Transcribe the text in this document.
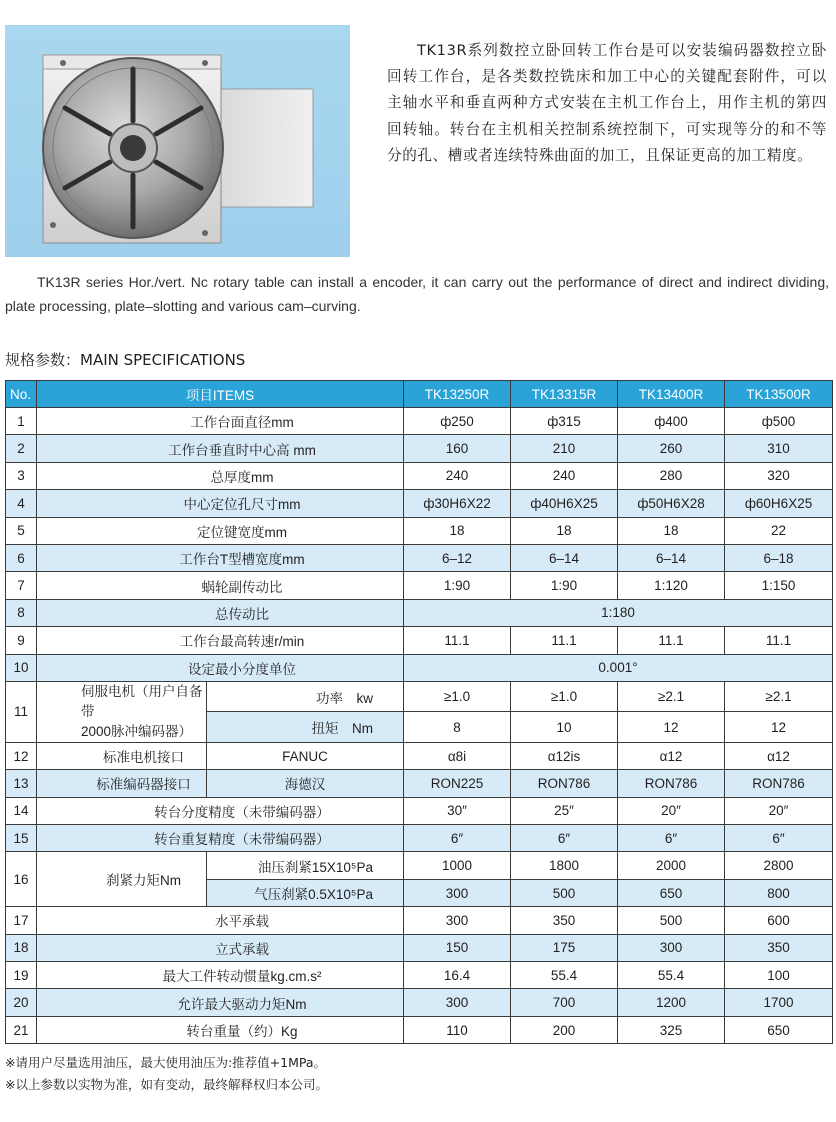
TK13R系列数控立卧回转工作台是可以安装编码器数控立卧回转工作台，是各类数控铣床和加工中心的关键配套附件，可以主轴水平和垂直两种方式安装在主机工作台上，用作主机的第四回转轴。转台在主机相关控制系统控制下，可实现等分的和不等分的孔、槽或者连续特殊曲面的加工，且保证更高的加工精度。
TK13R series Hor./vert. Nc rotary table can install a encoder, it can carry out the performance of direct and indirect dividing, plate processing, plate–slotting and various cam–curving.
规格参数：MAIN SPECIFICATIONS
No.	项目ITEMS		TK13250R	TK13315R	TK13400R	TK13500R
1	工作台面直径mm		ф250	ф315	ф400	ф500
2	工作台垂直时中心高 mm		160	210	260	310
3	总厚度mm		240	240	280	320
4	中心定位孔尺寸mm		ф30H6X22	ф40H6X25	ф50H6X28	ф60H6X25
5	定位键宽度mm		18	18	18	22
6	工作台T型槽宽度mm		6–12	6–14	6–14	6–18
7	蜗轮副传动比		1:90	1:90	1:120	1:150
8	总传动比		1:180			
9	工作台最高转速r/min		11.1	11.1	11.1	11.1
10	设定最小分度单位		0.001°			
11	伺服电机（用户自备带
2000脉冲编码器）	功率　kw	≥1.0	≥1.0	≥2.1	≥2.1
		扭矩　Nm	8	10	12	12
12	标准电机接口	FANUC	α8i	α12is	α12	α12
13	标准编码器接口	海德汉	RON225	RON786	RON786	RON786
14	转台分度精度（未带编码器）		30″	25″	20″	20″
15	转台重复精度（未带编码器）		6″	6″	6″	6″
16	刹紧力矩Nm	油压刹紧15X10⁵Pa	1000	1800	2000	2800
		气压刹紧0.5X10⁵Pa	300	500	650	800
17	水平承载		300	350	500	600
18	立式承载		150	175	300	350
19	最大工件转动惯量kg.cm.s²		16.4	55.4	55.4	100
20	允许最大驱动力矩Nm		300	700	1200	1700
21	转台重量（约）Kg		110	200	325	650
※请用户尽量选用油压，最大使用油压为:推荐值+1MPa。
※以上参数以实物为准，如有变动，最终解释权归本公司。
